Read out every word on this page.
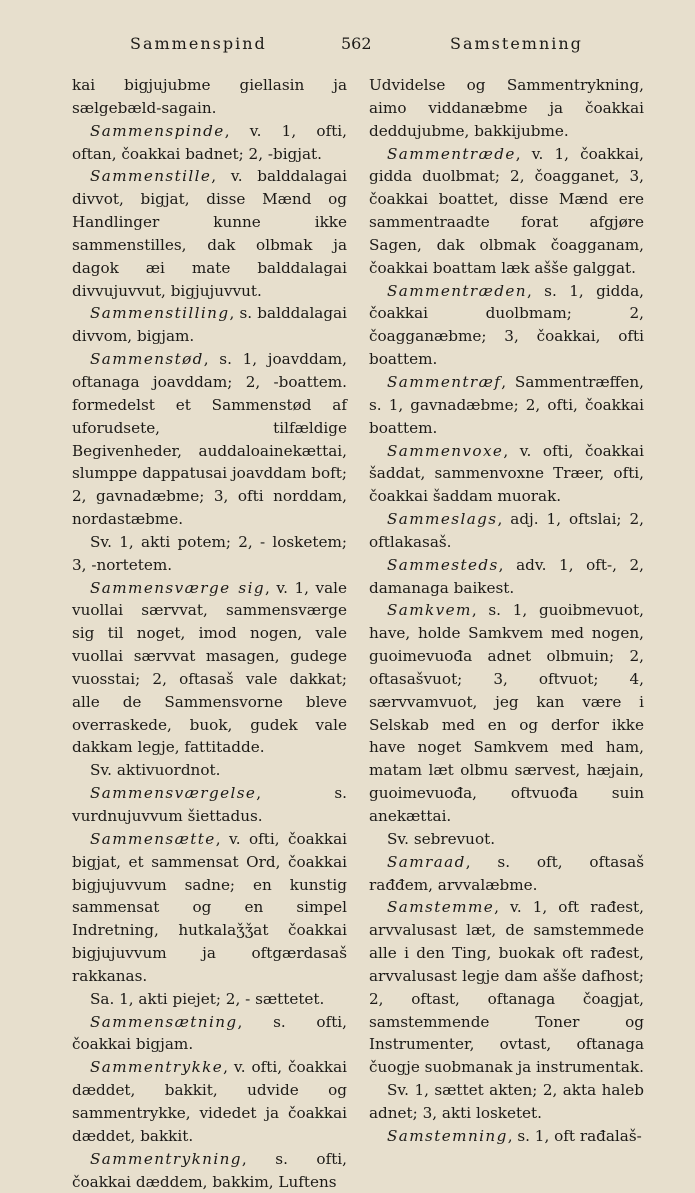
Sammenspind	562	Samstemning

kai bigjujubme giellasin ja sælgebæld-sagain.

Sammenspinde, v. 1, ofti, oftan, čoakkai badnet; 2, -bigjat.

Sammenstille, v. balddalagai divvot, bigjat, disse Mænd og Handlinger kunne ikke sammenstilles, dak olbmak ja dagok æi mate balddalagai divvujuvvut, bigjujuvvut.

Sammenstilling, s. balddalagai divvom, bigjam.

Sammenstød, s. 1, joavddam, oftanaga joavddam; 2, -boattem. formedelst et Sammenstød af uforudsete, tilfældige Begivenheder, auddaloainekættai, slumppe dappatusai joavddam boft; 2, gavnadæbme; 3, ofti norddam, nordastæbme.

Sv. 1, akti potem; 2, - losketem; 3, -nortetem.

Sammensværge sig, v. 1, vale vuollai særvvat, sammensværge sig til noget, imod nogen, vale vuollai særvvat masagen, gudege vuosstai; 2, oftasaš vale dakkat; alle de Sammensvorne bleve overraskede, buok, gudek vale dakkam legje, fattitadde.

Sv. aktivuordnot.

Sammensværgelse, s. vurdnujuvvum šiettadus.

Sammensætte, v. ofti, čoakkai bigjat, et sammensat Ord, čoakkai bigjujuvvum sadne; en kunstig sammensat og en simpel Indretning, hutkalaǯǯat čoakkai bigjujuvvum ja oftgærdasaš rakkanas.

Sa. 1, akti piejet; 2, - sættetet.

Sammensætning, s. ofti, čoakkai bigjam.

Sammentrykke, v. ofti, čoakkai dæddet, bakkit, udvide og sammentrykke, videdet ja čoakkai dæddet, bakkit.

Sammentrykning, s. ofti, čoakkai dæddem, bakkim, Luftens

Udvidelse og Sammentrykning, aimo viddanæbme ja čoakkai deddujubme, bakkijubme.

Sammentræde, v. 1, čoakkai, gidda duolbmat; 2, čoagganet, 3, čoakkai boattet, disse Mænd ere sammentraadte forat afgjøre Sagen, dak olbmak čoagganam, čoakkai boattam læk ašše galggat.

Sammentræden, s. 1, gidda, čoakkai duolbmam; 2, čoagganæbme; 3, čoakkai, ofti boattem.

Sammentræf, Sammentræffen, s. 1, gavnadæbme; 2, ofti, čoakkai boattem.

Sammenvoxe, v. ofti, čoakkai šaddat, sammenvoxne Træer, ofti, čoakkai šaddam muorak.

Sammeslags, adj. 1, oftslai; 2, oftlakasaš.

Sammesteds, adv. 1, oft-, 2, damanaga baikest.

Samkvem, s. 1, guoibmevuot, have, holde Samkvem med nogen, guoimevuođa adnet olbmuin; 2, oftasašvuot; 3, oftvuot; 4, særvvamvuot, jeg kan være i Selskab med en og derfor ikke have noget Samkvem med ham, matam læt olbmu særvest, hæjain, guoimevuođa, oftvuođa suin anekættai.

Sv. sebrevuot.

Samraad, s. oft, oftasaš rađđem, arvvalæbme.

Samstemme, v. 1, oft rađest, arvvalusast læt, de samstemmede alle i den Ting, buokak oft rađest, arvvalusast legje dam ašše dafhost; 2, oftast, oftanaga čoagjat, samstemmende Toner og Instrumenter, ovtast, oftanaga čuogje suobmanak ja instrumentak.

Sv. 1, sættet akten; 2, akta haleb adnet; 3, akti losketet.

Samstemning, s. 1, oft rađalaš-
